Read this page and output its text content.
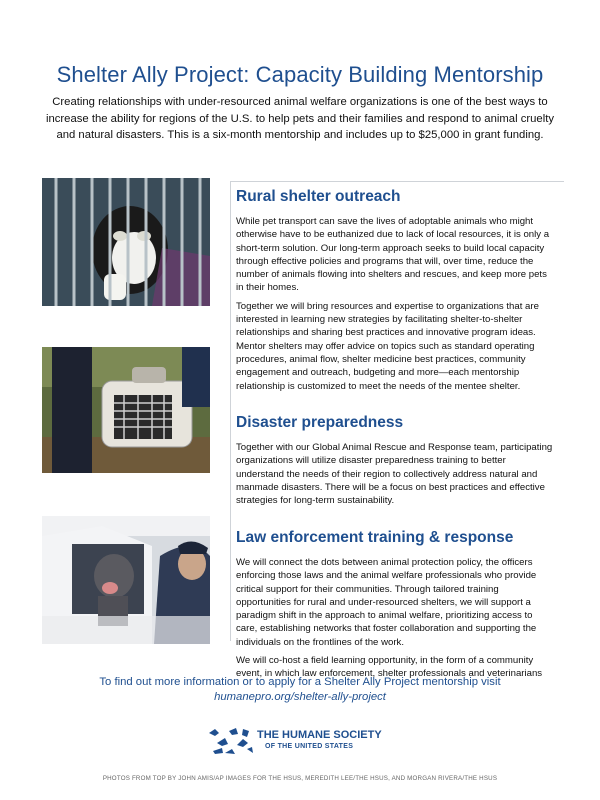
Shelter Ally Project: Capacity Building Mentorship
Creating relationships with under-resourced animal welfare organizations is one of the best ways to increase the ability for regions of the U.S. to help pets and their families and respond to animal cruelty and natural disasters. This is a six-month mentorship and includes up to $25,000 in grant funding.
Rural shelter outreach

While pet transport can save the lives of adoptable animals who might otherwise have to be euthanized due to lack of local resources, it is only a short-term solution. Our long-term approach seeks to build local capacity through effective policies and programs that will, over time, reduce the number of animals flowing into shelters and rescues, and keep more pets in their homes.

Together we will bring resources and expertise to organizations that are interested in learning new strategies by facilitating shelter-to-shelter relationships and sharing best practices and innovative program ideas. Mentor shelters may offer advice on topics such as standard operating procedures, animal flow, shelter medicine best practices, community engagement and outreach, budgeting and more—each mentorship relationship is customized to meet the needs of the mentee shelter.

Disaster preparedness

Together with our Global Animal Rescue and Response team, participating organizations will utilize disaster preparedness training to better understand the needs of their region to collectively address natural and manmade disasters. There will be a focus on best practices and effective strategies for long-term sustainability.

Law enforcement training & response

We will connect the dots between animal protection policy, the officers enforcing those laws and the animal welfare professionals who provide critical support for their communities. Through tailored training opportunities for rural and under-resourced shelters, we will support a paradigm shift in the approach to animal welfare, prioritizing access to care, establishing networks that foster collaboration and supporting the individuals on the frontlines of the work.

We will co-host a field learning opportunity, in the form of a community event, in which law enforcement, shelter professionals and veterinarians

To find out more information or to apply for a Shelter Ally Project mentorship visit
humanepro.org/shelter-ally-project
THE HUMANE SOCIETY
OF THE UNITED STATES
PHOTOS FROM TOP BY JOHN AMIS/AP IMAGES FOR THE HSUS, MEREDITH LEE/THE HSUS, AND MORGAN RIVERA/THE HSUS
